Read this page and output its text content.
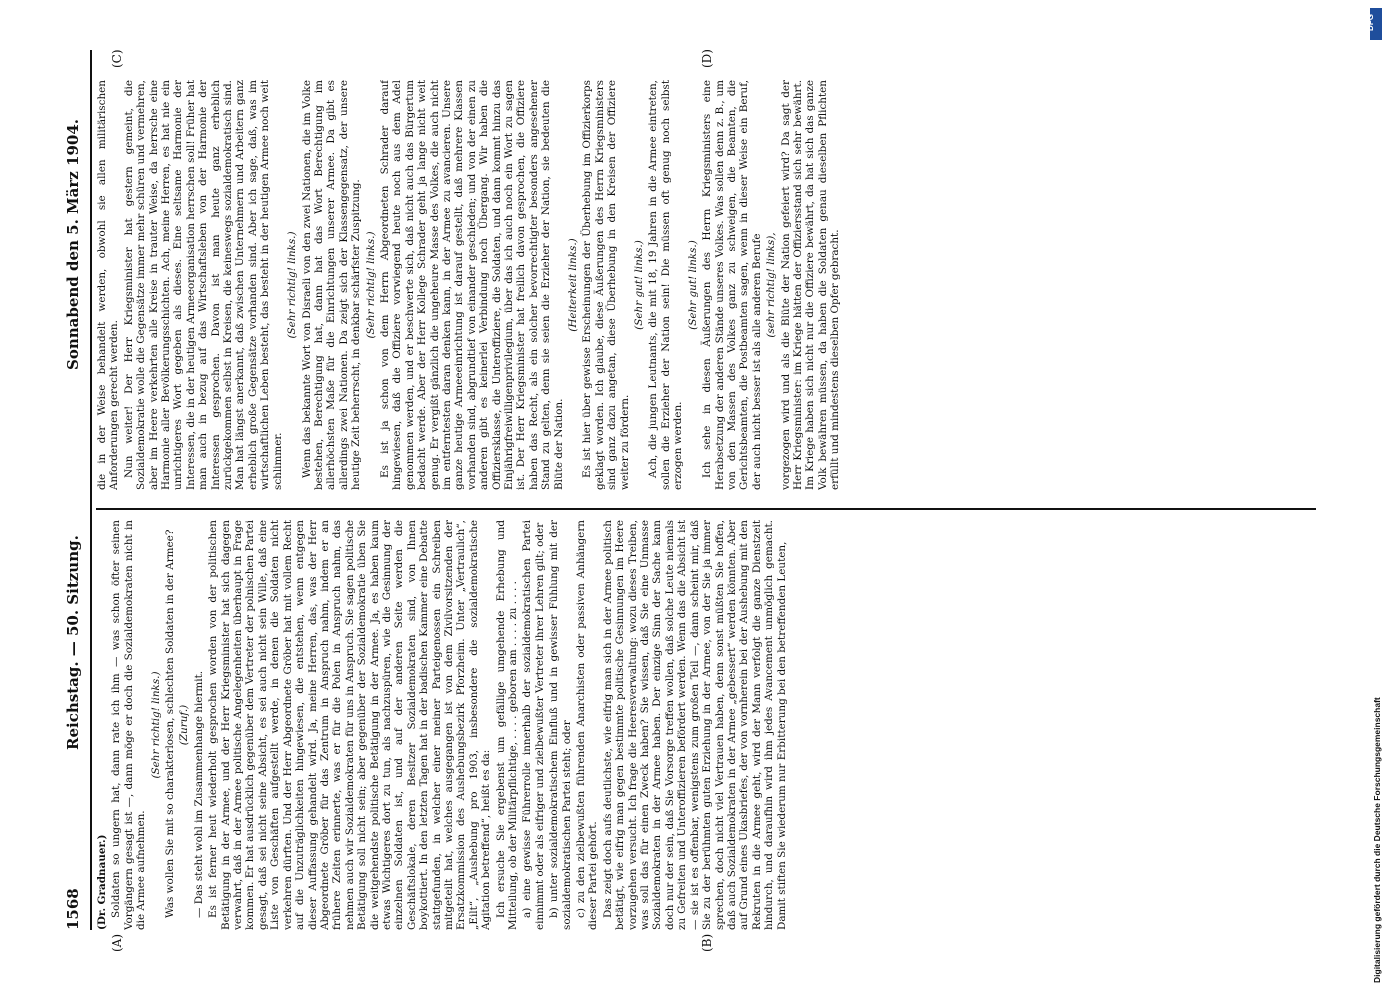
1568
Reichstag. — 50. Sitzung.
Sonnabend den 5. März 1904.
(A)	(B)
(C)	(D)

(Dr. Gradnauer.) Soldaten so ungern hat, dann rate ich ihm — was schon öfter seinen Vorgängern gesagt ist —, dann möge er doch die Sozialdemokraten nicht in die Armee aufnehmen.

(Sehr richtig! links.) Was wollen Sie mit so charakterlosen, schlechten Soldaten in der Armee? (Zuruf.) — Das steht wohl im Zusammenhange hiermit. Es ist ferner heut wiederholt gesprochen worden von der politischen Betätigung in der Armee, und der Herr Kriegsminister hat sich dagegen verwahrt, daß in der Armee politische Angelegenheiten überhaupt in Frage kommen. Er hat ausdrücklich gegenüber dem Vertreter der polnischen Partei gesagt, daß sei nicht seine Absicht, es sei auch nicht sein Wille, daß eine Liste von Geschäften aufgestellt werde, in denen die Soldaten nicht verkehren dürften. Und der Herr Abgeordnete Gröber hat mit vollem Recht auf die Unzuträglichkeiten hingewiesen, die entstehen, wenn entgegen dieser Auffassung gehandelt wird. Ja, meine Herren, das, was der Herr Abgeordnete Gröber für das Zentrum in Anspruch nahm, indem er an frühere Zeiten erinnerte, was er für die Polen in Anspruch nahm, das nehmen auch wir Sozialdemokraten für uns in Anspruch. Sie sagen politische Betätigung soll nicht sein; aber gegenüber der Sozialdemokratie üben Sie die weitgehendste politische Betätigung in der Armee. Ja, es haben kaum etwas Wichtigeres dort zu tun, als nachzuspüren, wie die Gesinnung der einzelnen Soldaten ist, und auf der anderen Seite werden die Geschäftslokale, deren Besitzer Sozialdemokraten sind, von Ihnen boykottiert. In den letzten Tagen hat in der badischen Kammer eine Debatte stattgefunden, in welcher einer meiner Parteigenossen ein Schreiben mitgeteilt hat, welches ausgegangen ist von dem Zivilvorsitzenden der Ersatzkommission des Aushebungsbezirk Pforzheim. Unter „Vertraulich“, „Eilt“, „Aushebung pro 1903, insbesondere die sozialdemokratische Agitation betreffend“, heißt es da: Ich ersuche Sie ergebenst um gefällige umgehende Erhebung und Mitteilung, ob der Militärpflichtige, . . . . geboren am . . . . zu . . . . a) eine gewisse Führerrolle innerhalb der sozialdemokratischen Partei einnimmt oder als eifriger und zielbewußter Vertreter ihrer Lehren gilt; oder b) unter sozialdemokratischem Einfluß und in gewisser Fühlung mit der sozialdemokratischen Partei steht; oder c) zu den zielbewußten führenden Anarchisten oder passiven Anhängern dieser Partei gehört. Das zeigt doch aufs deutlichste, wie eifrig man sich in der Armee politisch betätigt, wie eifrig man gegen bestimmte politische Gesinnungen im Heere vorzugehen versucht. Ich frage die Heeresverwaltung: wozu dieses Treiben, was soll das für einen Zweck haben? Sie wissen, daß Sie eine Unmasse Sozialdemokraten in der Armee haben. Der einzige Sinn der Sache kann doch nur der sein, daß Sie Vorsorge treffen wollen, daß solche Leute niemals zu Gefreiten und Unteroffizieren befördert werden. Wenn das die Absicht ist — sie ist es offenbar, wenigstens zum großen Teil —, dann scheint mir, daß Sie zu der berühmten guten Erziehung in der Armee, von der Sie ja immer sprechen, doch nicht viel Vertrauen haben, denn sonst müßten Sie hoffen, daß auch Sozialdemokraten in der Armee „gebessert“ werden könnten. Aber auf Grund eines Ukasbriefes, der von vornherein bei der Aushebung mit den Rekruten in die Armee geht, wird der Mann verfolgt die ganze Dienstzeit hindurch, und daraufhin wird ihm jedes Avancement unmöglich gemacht. Damit stiften Sie wiederum nur Erbitterung bei den betreffenden Leuten,

die in der Weise behandelt werden, obwohl sie allen militärischen Anforderungen gerecht werden. Nun weiter! Der Herr Kriegsminister hat gestern gemeint, die Sozialdemokratie wolle die Gegensätze immer mehr schüren und vermehren, aber im Heere verkehrten alle Kreise in trauter Weise, da herrsche eine Harmonie aller Bevölkerungsschichten. Ach, meine Herren, es hat nie ein unrichtigeres Wort gegeben als dieses. Eine seltsame Harmonie der Interessen, die in der heutigen Armeeorganisation herrschen soll! Früher hat man auch in bezug auf das Wirtschaftsleben von der Harmonie der Interessen gesprochen. Davon ist man heute ganz erheblich zurückgekommen selbst in Kreisen, die keineswegs sozialdemokratisch sind. Man hat längst anerkannt, daß zwischen Unternehmern und Arbeitern ganz erheblich große Gegensätze vorhanden sind. Aber ich sage, daß, was im wirtschaftlichen Leben besteht, das besteht in der heutigen Armee noch weit schlimmer.

(Sehr richtig! links.) Wenn das bekannte Wort von Disraeli von den zwei Nationen, die im Volke bestehen, Berechtigung hat, dann hat das Wort Berechtigung im allerhöchsten Maße für die Einrichtungen unserer Armee. Da gibt es allerdings zwei Nationen. Da zeigt sich der Klassengegensatz, der unsere heutige Zeit beherrscht, in denkbar schärfster Zuspitzung. (Sehr richtig! links.) Es ist ja schon von dem Herrn Abgeordneten Schrader darauf hingewiesen, daß die Offiziere vorwiegend heute noch aus dem Adel genommen werden, und er beschwerte sich, daß nicht auch das Bürgertum bedacht werde. Aber der Herr Kollege Schrader geht ja lange nicht weit genug. Er vergißt gänzlich die ungeheure Masse des Volkes, die auch nicht im entferntesten daran denken kann, in der Armee zu avancieren. Unsere ganze heutige Armeeeinrichtung ist darauf gestellt, daß mehrere Klassen vorhanden sind, abgrundtief von einander geschieden; und von der einen zu anderen gibt es keinerlei Verbindung noch Übergang. Wir haben die Offiziersklasse, die Unteroffiziere, die Soldaten, und dann kommt hinzu das Einjährigfreiwilligenprivilegium, über das ich auch noch ein Wort zu sagen ist. Der Herr Kriegsminister hat freilich davon gesprochen, die Offiziere haben das Recht, als ein solcher bevorrechtigter besonders angesehener Stand zu gelten, denn sie seien die Erzieher der Nation, sie bedeuten die Blüte der Nation.

(Heiterkeit links.) Es ist hier über gewisse Erscheinungen der Überhebung im Offizierkorps geklagt worden. Ich glaube, diese Äußerungen des Herrn Kriegsministers sind ganz dazu angetan, diese Überhebung in den Kreisen der Offiziere weiter zu fördern.

(Sehr gut! links.) Ach, die jungen Leutnants, die mit 18, 19 Jahren in die Armee eintreten, sollen die Erzieher der Nation sein! Die müssen oft genug noch selbst erzogen werden.

(Sehr gut! links.) Ich sehe in diesen Äußerungen des Herrn Kriegsministers eine Herabsetzung der anderen Stände unseres Volkes. Was sollen denn z. B., um von den Massen des Volkes ganz zu schweigen, die Beamten, die Gerichtsbeamten, die Postbeamten sagen, wenn in dieser Weise ein Beruf, der auch nicht besser ist als alle anderen Berufe (sehr richtig! links), vorgezogen wird und als die Blüte der Nation gefeiert wird? Da sagt der Herr Kriegsminister: im Kriege hätten der Offiziersstand sich sehr bewährt. Im Kriege haben sich nicht nur die Offiziere bewährt, da hat sich das ganze Volk bewähren müssen, da haben die Soldaten genau dieselben Pflichten erfüllt und mindestens dieselben Opfer gebracht.

DFG
Digitalisierung gefördert durch die Deutsche Forschungsgemeinschaft
